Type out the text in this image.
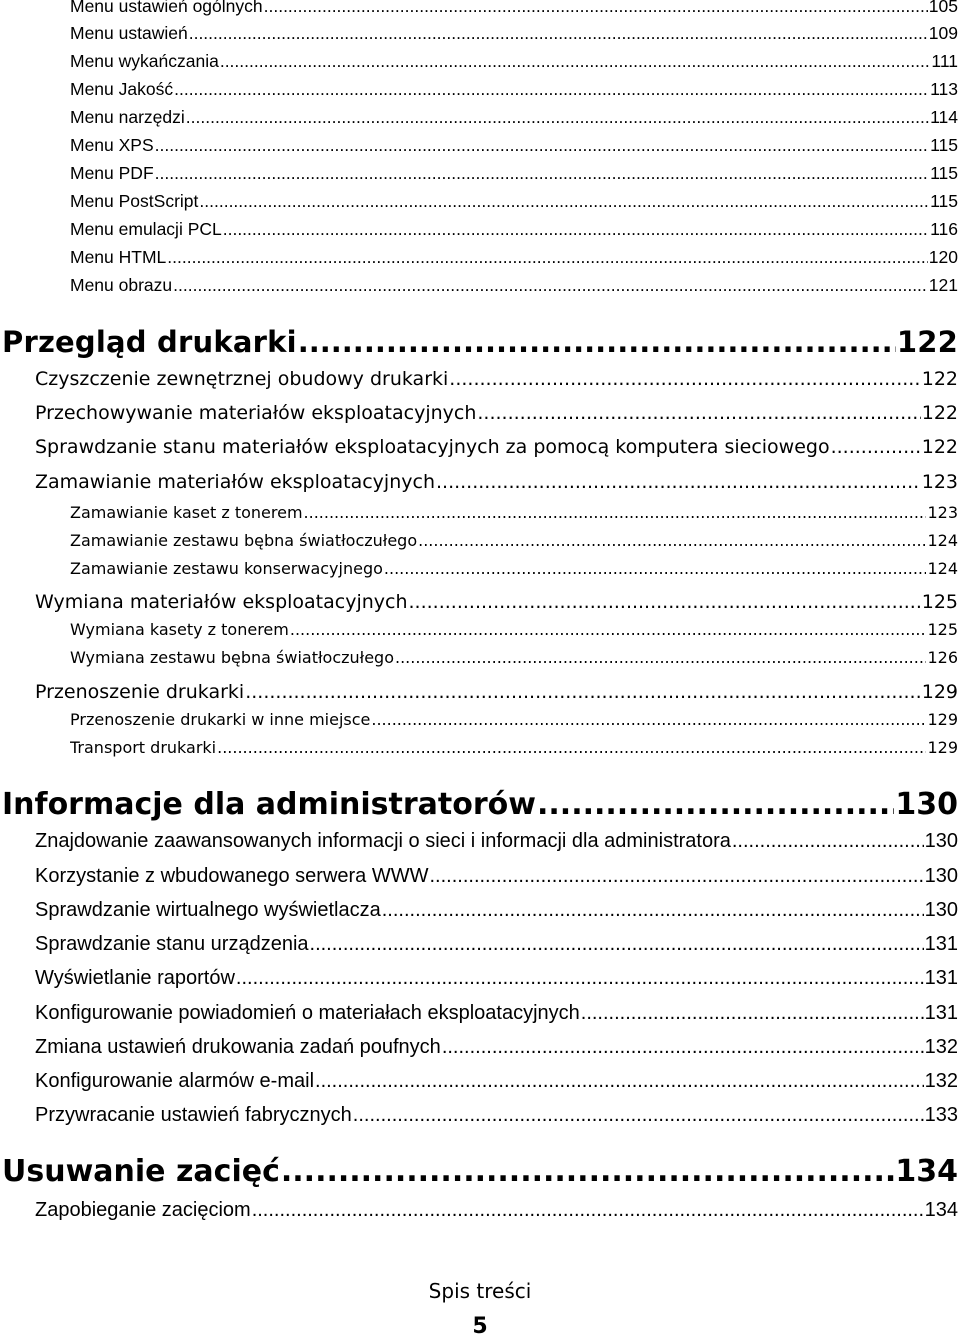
Menu ustawień ogólnych .....	105
Menu ustawień .....	109
Menu wykańczania .....	111
Menu Jakość .....	113
Menu narzędzi .....	114
Menu XPS .....	115
Menu PDF .....	115
Menu PostScript .....	115
Menu emulacji PCL .....	116
Menu HTML .....	120
Menu obrazu .....	121
Przegląd drukarki .....	122
Czyszczenie zewnętrznej obudowy drukarki .....	122
Przechowywanie materiałów eksploatacyjnych .....	122
Sprawdzanie stanu materiałów eksploatacyjnych za pomocą komputera sieciowego .....	122
Zamawianie materiałów eksploatacyjnych .....	123
Zamawianie kaset z tonerem .....	123
Zamawianie zestawu bębna światłoczułego .....	124
Zamawianie zestawu konserwacyjnego .....	124
Wymiana materiałów eksploatacyjnych .....	125
Wymiana kasety z tonerem .....	125
Wymiana zestawu bębna światłoczułego .....	126
Przenoszenie drukarki .....	129
Przenoszenie drukarki w inne miejsce .....	129
Transport drukarki .....	129
Informacje dla administratorów .....	130
Znajdowanie zaawansowanych informacji o sieci i informacji dla administratora .....	130
Korzystanie z wbudowanego serwera WWW .....	130
Sprawdzanie wirtualnego wyświetlacza .....	130
Sprawdzanie stanu urządzenia .....	131
Wyświetlanie raportów .....	131
Konfigurowanie powiadomień o materiałach eksploatacyjnych .....	131
Zmiana ustawień drukowania zadań poufnych .....	132
Konfigurowanie alarmów e-mail .....	132
Przywracanie ustawień fabrycznych .....	133
Usuwanie zacięć .....	134
Zapobieganie zacięciom .....	134
Spis treści
5
